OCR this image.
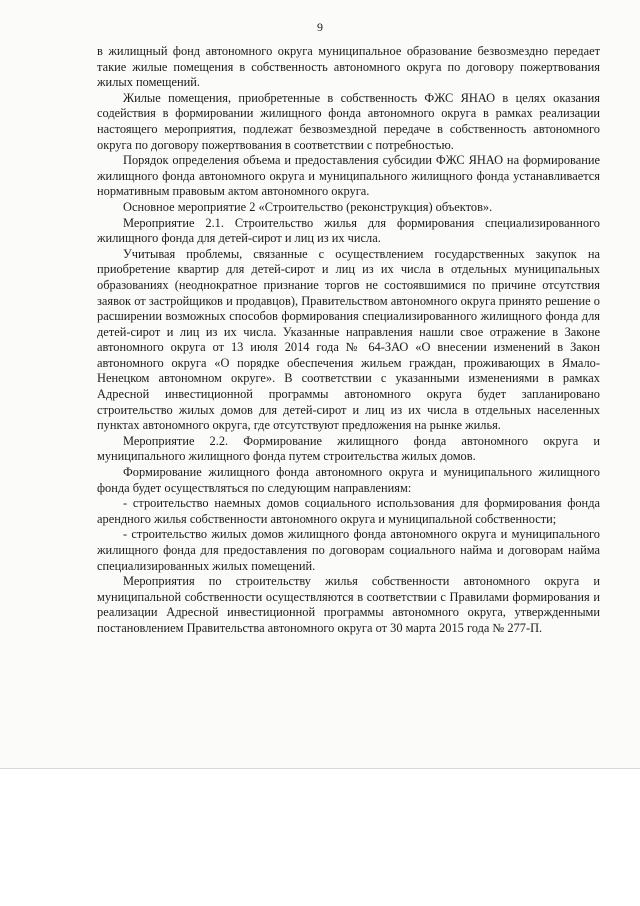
9

в жилищный фонд автономного округа муниципальное образование безвозмездно передает такие жилые помещения в собственность автономного округа по договору пожертвования жилых помещений.

Жилые помещения, приобретенные в собственность ФЖС ЯНАО в целях оказания содействия в формировании жилищного фонда автономного округа в рамках реализации настоящего мероприятия, подлежат безвозмездной передаче в собственность автономного округа по договору пожертвования в соответствии с потребностью.

Порядок определения объема и предоставления субсидии ФЖС ЯНАО на формирование жилищного фонда автономного округа и муниципального жилищного фонда устанавливается нормативным правовым актом автономного округа.

Основное мероприятие 2 «Строительство (реконструкция) объектов».

Мероприятие 2.1. Строительство жилья для формирования специализированного жилищного фонда для детей-сирот и лиц из их числа.

Учитывая проблемы, связанные с осуществлением государственных закупок на приобретение квартир для детей-сирот и лиц из их числа в отдельных муниципальных образованиях (неоднократное признание торгов не состоявшимися по причине отсутствия заявок от застройщиков и продавцов), Правительством автономного округа принято решение о расширении возможных способов формирования специализированного жилищного фонда для детей-сирот и лиц из их числа. Указанные направления нашли свое отражение в Законе автономного округа от 13 июля 2014 года № 64-ЗАО «О внесении изменений в Закон автономного округа «О порядке обеспечения жильем граждан, проживающих в Ямало-Ненецком автономном округе». В соответствии с указанными изменениями в рамках Адресной инвестиционной программы автономного округа будет запланировано строительство жилых домов для детей-сирот и лиц из их числа в отдельных населенных пунктах автономного округа, где отсутствуют предложения на рынке жилья.

Мероприятие 2.2. Формирование жилищного фонда автономного округа и муниципального жилищного фонда путем строительства жилых домов.

Формирование жилищного фонда автономного округа и муниципального жилищного фонда будет осуществляться по следующим направлениям:

- строительство наемных домов социального использования для формирования фонда арендного жилья собственности автономного округа и муниципальной собственности;

- строительство жилых домов жилищного фонда автономного округа и муниципального жилищного фонда для предоставления по договорам социального найма и договорам найма специализированных жилых помещений.

Мероприятия по строительству жилья собственности автономного округа и муниципальной собственности осуществляются в соответствии с Правилами формирования и реализации Адресной инвестиционной программы автономного округа, утвержденными постановлением Правительства автономного округа от 30 марта 2015 года № 277-П.
